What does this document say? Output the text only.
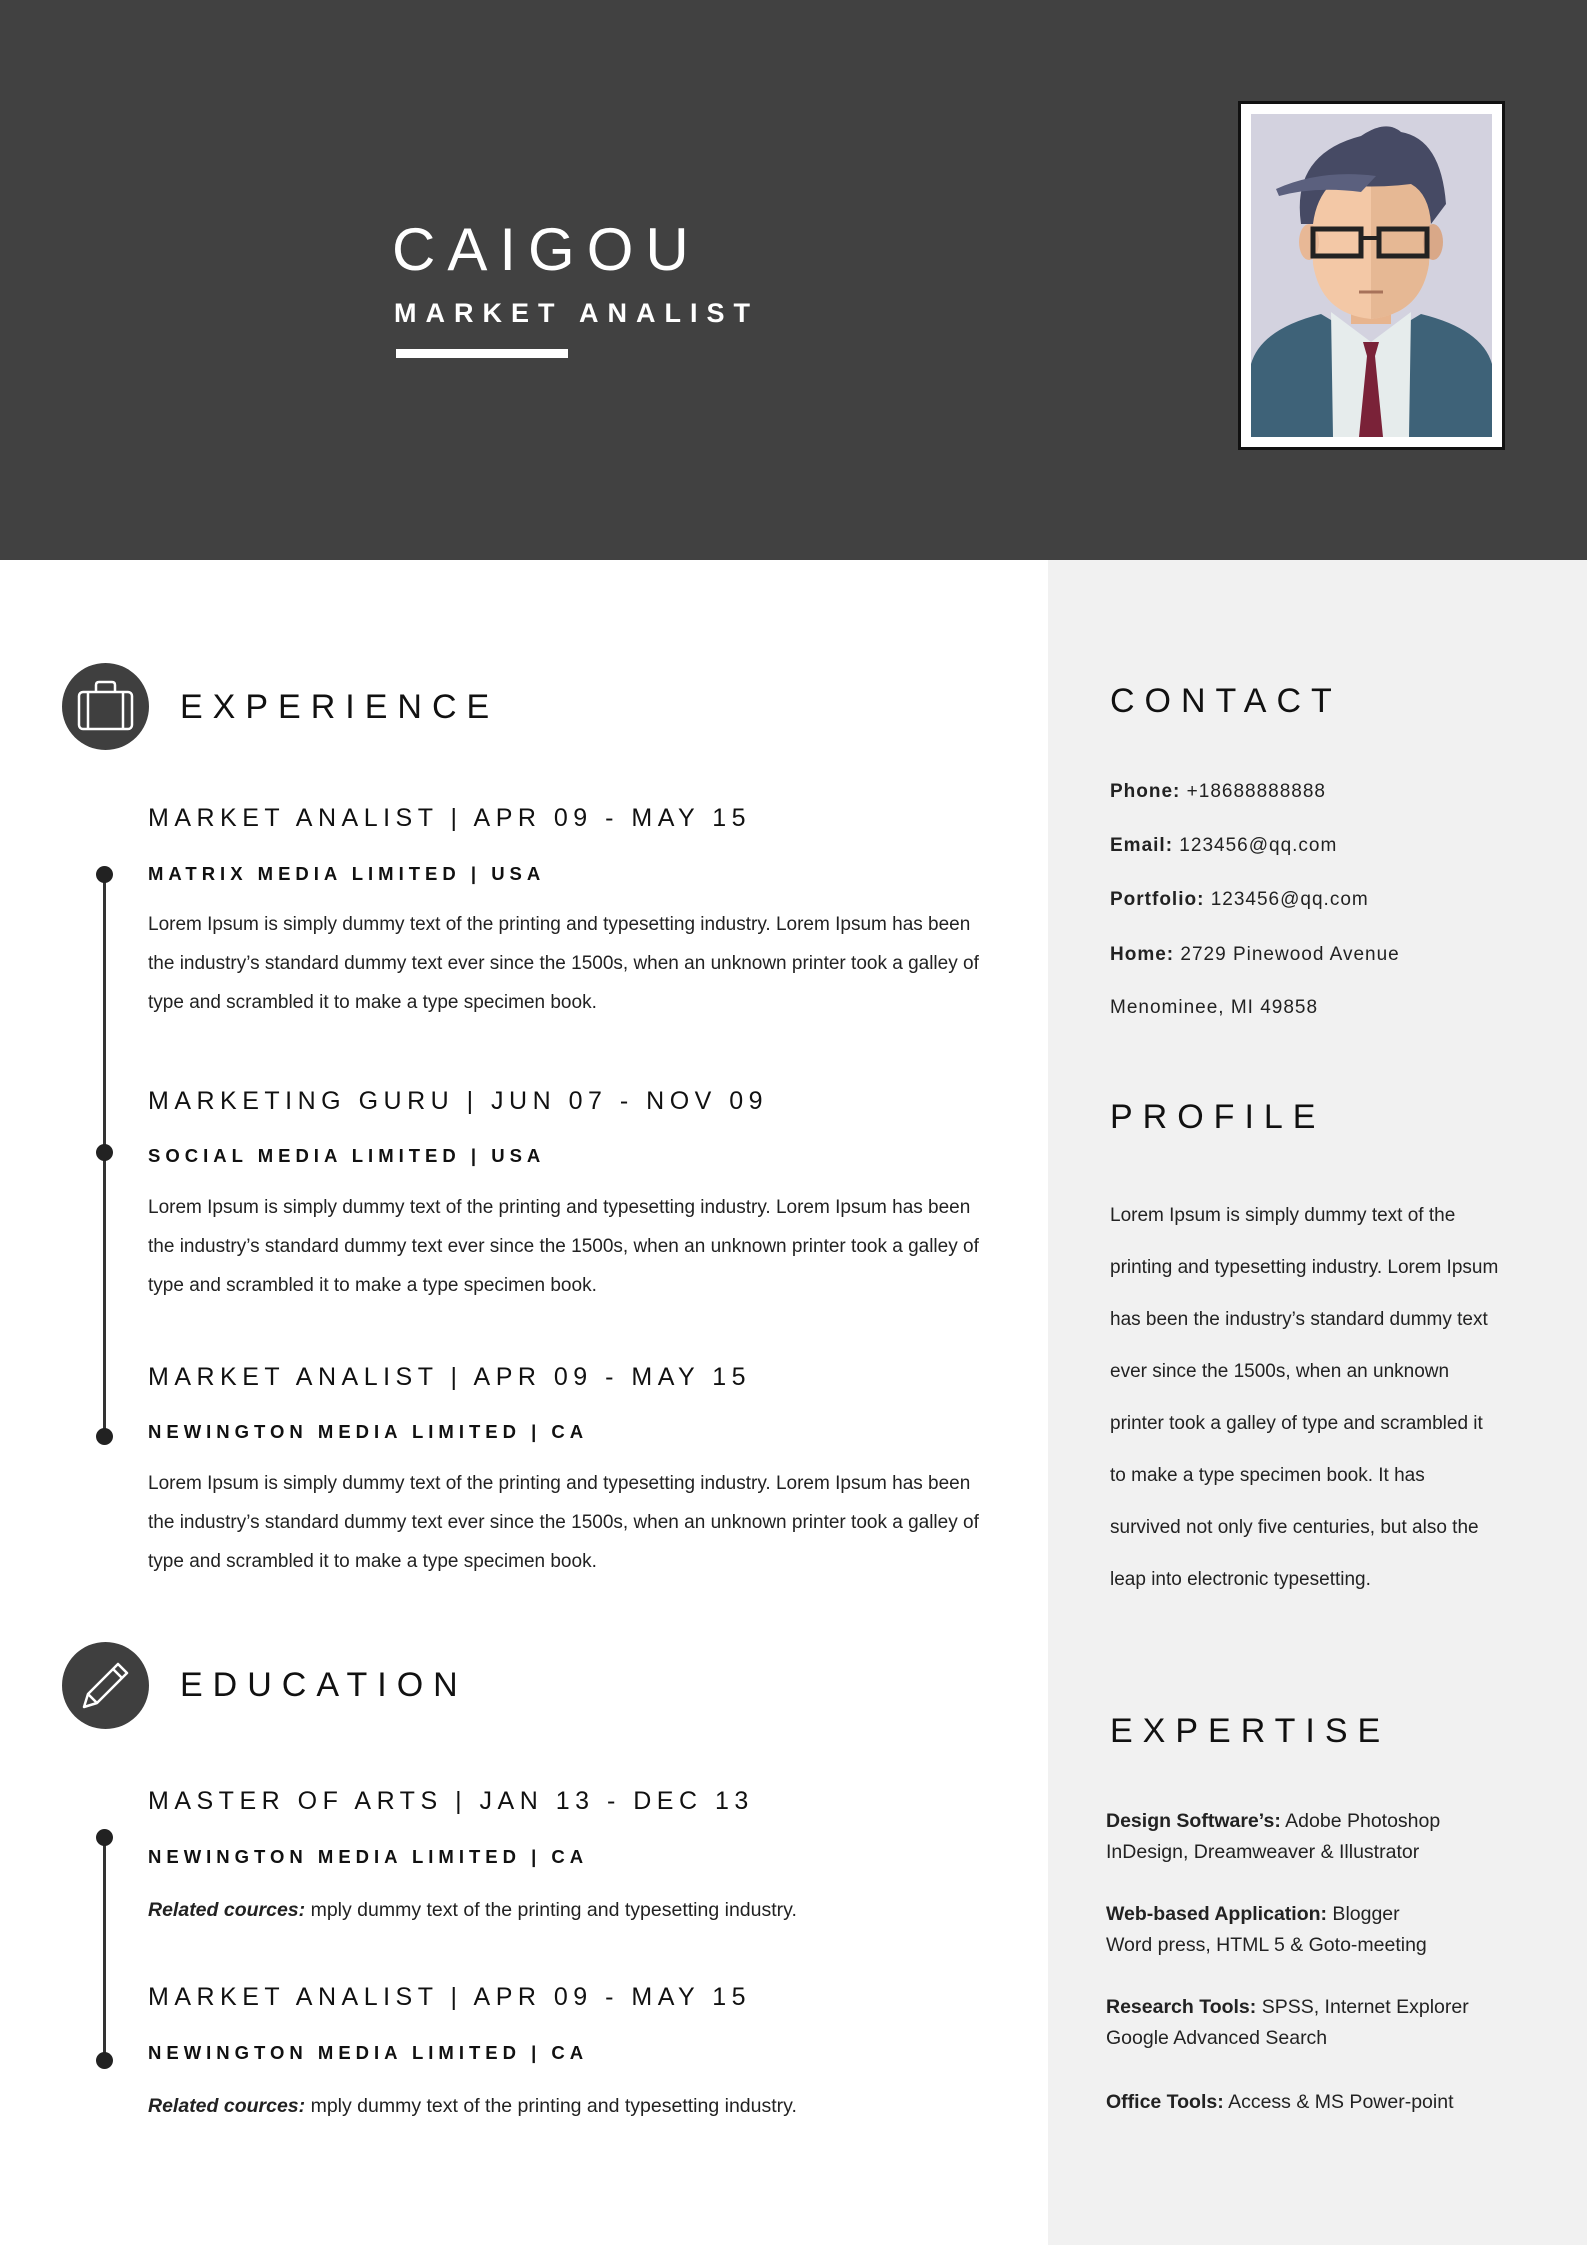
CAIGOU
MARKET ANALIST
CONTACT
Phone: +18688888888
Email: 123456@qq.com
Portfolio: 123456@qq.com
Home: 2729 Pinewood Avenue
Menominee, MI 49858
PROFILE
Lorem Ipsum is simply dummy text of the printing and typesetting industry. Lorem Ipsum has been the industry’s standard dummy text ever since the 1500s, when an unknown printer took a galley of type and scrambled it to make a type specimen book. It has survived not only five centuries, but also the leap into electronic typesetting.
EXPERTISE
Design Software’s: Adobe Photoshop
InDesign, Dreamweaver & Illustrator
Web-based Application: Blogger
Word press, HTML 5 & Goto-meeting
Research Tools: SPSS, Internet Explorer
Google Advanced Search
Office Tools: Access & MS Power-point
EXPERIENCE
MARKET ANALIST | APR 09 - MAY 15
MATRIX MEDIA LIMITED | USA
Lorem Ipsum is simply dummy text of the printing and typesetting industry. Lorem Ipsum has been the industry’s standard dummy text ever since the 1500s, when an unknown printer took a galley of type and scrambled it to make a type specimen book.
MARKETING GURU | JUN 07 - NOV 09
SOCIAL MEDIA LIMITED | USA
Lorem Ipsum is simply dummy text of the printing and typesetting industry. Lorem Ipsum has been the industry’s standard dummy text ever since the 1500s, when an unknown printer took a galley of type and scrambled it to make a type specimen book.
MARKET ANALIST | APR 09 - MAY 15
NEWINGTON MEDIA LIMITED | CA
Lorem Ipsum is simply dummy text of the printing and typesetting industry. Lorem Ipsum has been the industry’s standard dummy text ever since the 1500s, when an unknown printer took a galley of type and scrambled it to make a type specimen book.
EDUCATION
MASTER OF ARTS | JAN 13 - DEC 13
NEWINGTON MEDIA LIMITED | CA
Related cources: mply dummy text of the printing and typesetting industry.
MARKET ANALIST | APR 09 - MAY 15
NEWINGTON MEDIA LIMITED | CA
Related cources: mply dummy text of the printing and typesetting industry.
